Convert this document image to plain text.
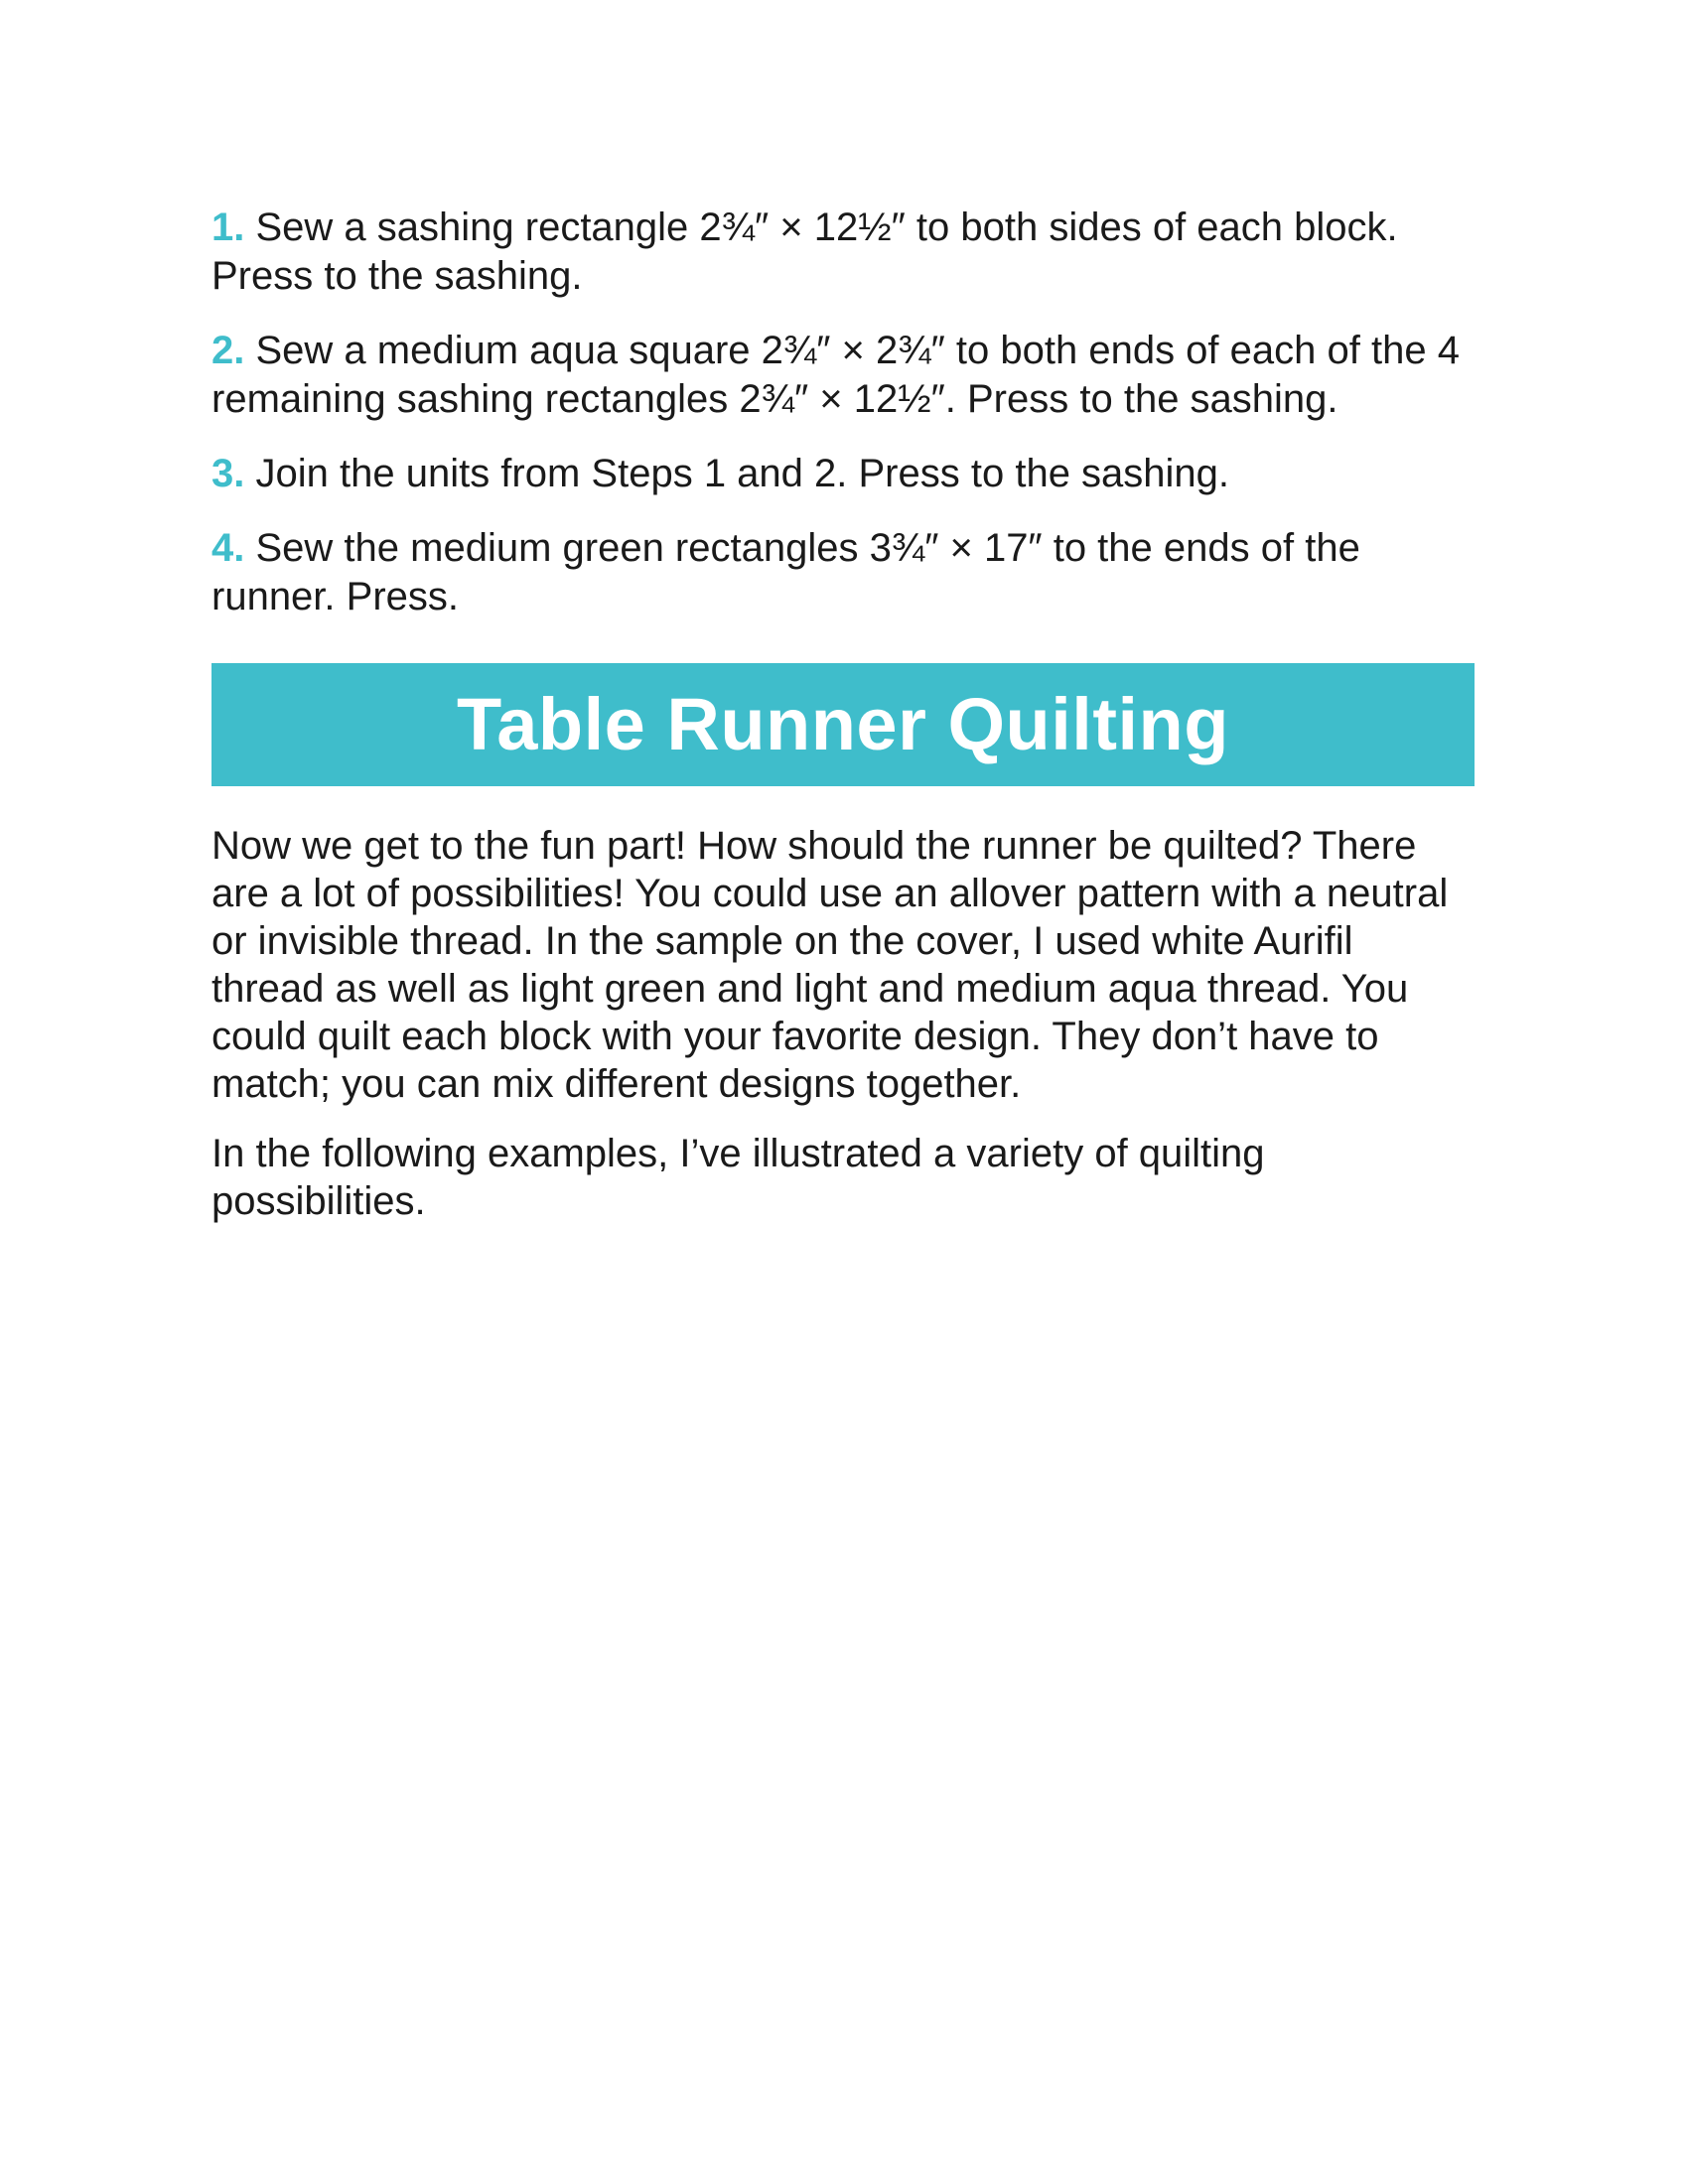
1. Sew a sashing rectangle 2¾″ × 12½″ to both sides of each block. Press to the sashing.
2. Sew a medium aqua square 2¾″ × 2¾″ to both ends of each of the 4 remaining sashing rectangles 2¾″ × 12½″. Press to the sashing.
3. Join the units from Steps 1 and 2. Press to the sashing.
4. Sew the medium green rectangles 3¾″ × 17″ to the ends of the runner. Press.
Table Runner Quilting

Now we get to the fun part! How should the runner be quilted? There are a lot of possibilities! You could use an allover pattern with a neutral or invisible thread. In the sample on the cover, I used white Aurifil thread as well as light green and light and medium aqua thread. You could quilt each block with your favorite design. They don’t have to match; you can mix different designs together.

In the following examples, I’ve illustrated a variety of quilting possibilities.
